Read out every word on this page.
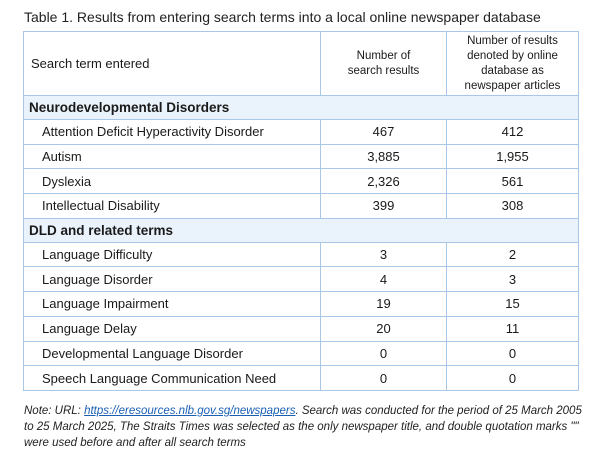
Table 1. Results from entering search terms into a local online newspaper database
Search term entered	Number of search results	Number of results denoted by online database as newspaper articles

Neurodevelopmental Disorders		
Attention Deficit Hyperactivity Disorder	467	412
Autism	3,885	1,955
Dyslexia	2,326	561
Intellectual Disability	399	308
DLD and related terms		
Language Difficulty	3	2
Language Disorder	4	3
Language Impairment	19	15
Language Delay	20	11
Developmental Language Disorder	0	0
Speech Language Communication Need	0	0
Note: URL: https://eresources.nlb.gov.sg/newspapers. Search was conducted for the period of 25 March 2005 to 25 March 2025, The Straits Times was selected as the only newspaper title, and double quotation marks "" were used before and after all search terms
